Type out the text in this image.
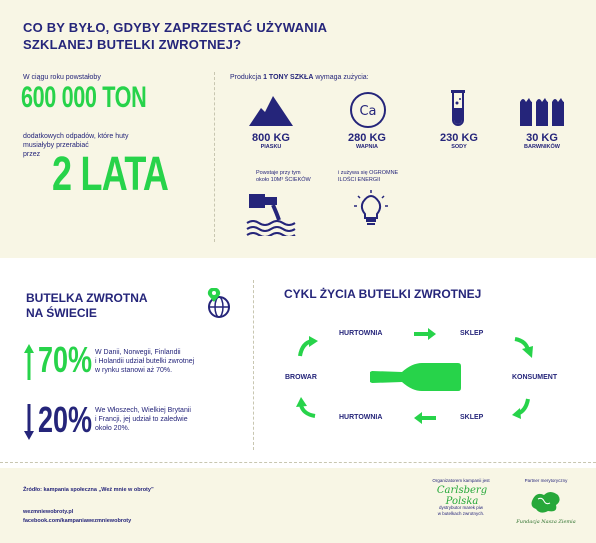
CO BY BYŁO, GDYBY ZAPRZESTAĆ UŻYWANIA
SZKLANEJ BUTELKI ZWROTNEJ?
W ciągu roku powstałoby
600 000 TON
dodatkowych odpadów, które huty
musiałyby przerabiać
przez 2 LATA
Produkcja 1 TONY SZKŁA wymaga zużycia:
Ca
800 KG
PIASKU
280 KG
WAPNIA
230 KG
SODY
30 KG
BARWNIKÓW
Powstaje przy tym
około 10M³ ŚCIEKÓW
i zużywa się OGROMNE
ILOŚCI ENERGII
BUTELKA ZWROTNA
NA ŚWIECIE
70% W Danii, Norwegii, Finlandii
i Holandii udział butelki zwrotnej
w rynku stanowi aż 70%.
20% We Włoszech, Wielkiej Brytanii
i Francji, jej udział to zaledwie
około 20%.
CYKL ŻYCIA BUTELKI ZWROTNEJ
HURTOWNIA	SKLEP
KONSUMENT
SKLEP
HURTOWNIA
BROWAR
Źródło: kampania społeczna „Weź mnie w obroty”
wezmniewobroty.pl
facebook.com/kampaniawezmniewobroty
Organizatorem kampanii jest
Carlsberg Polska
dystrybutor marek piw
w butelkach zwrotnych.
Partner merytoryczny
Fundacja Nasza Ziemia
